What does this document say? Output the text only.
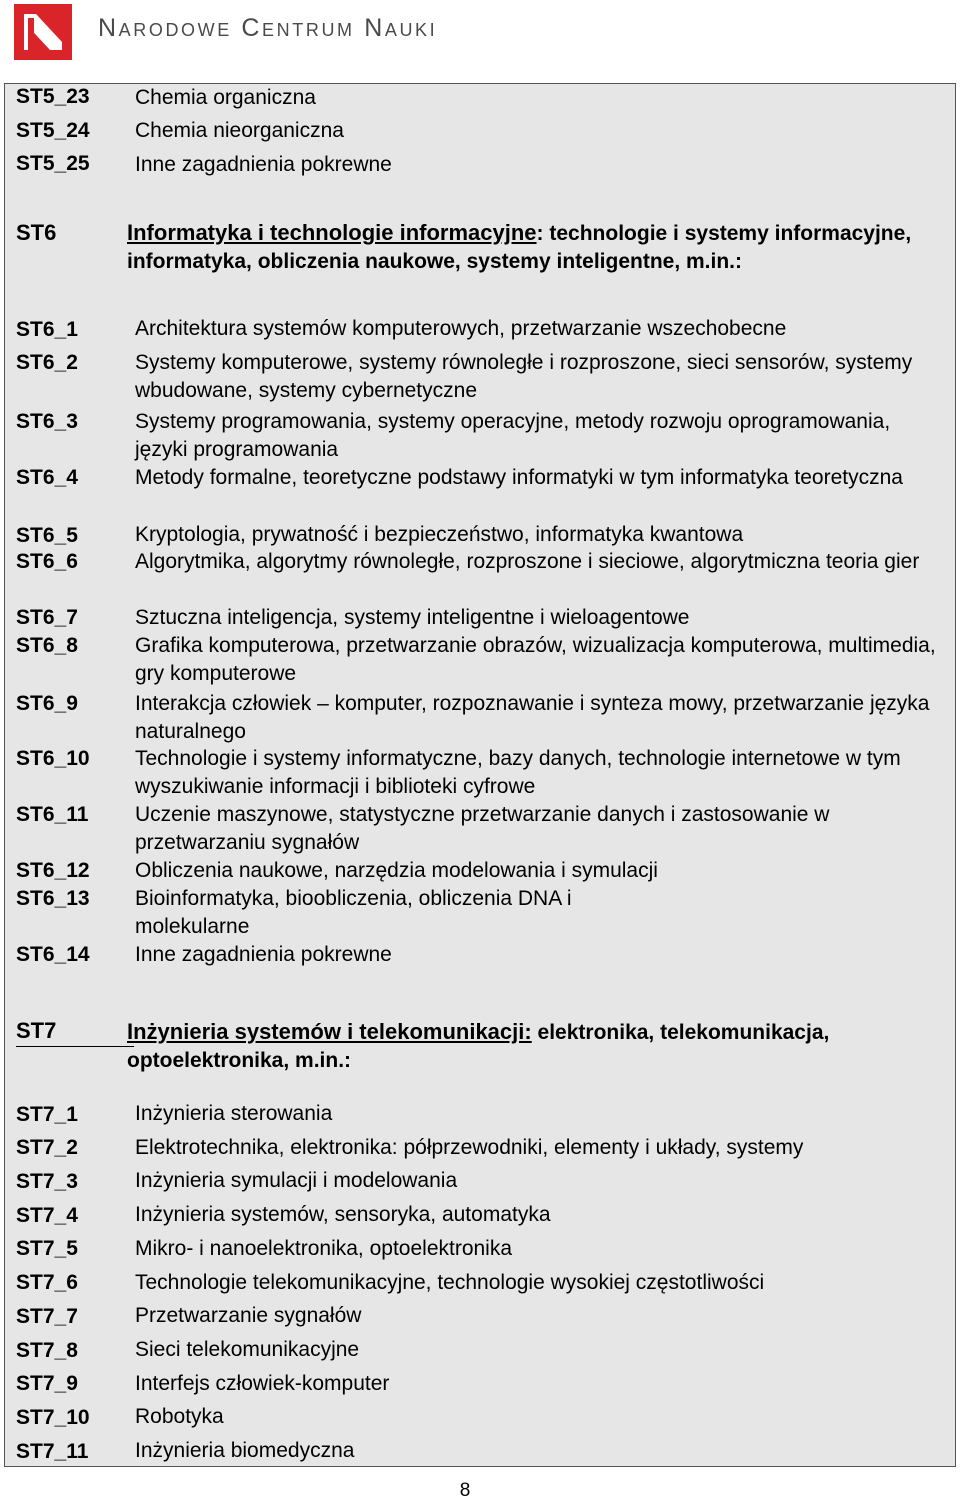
Narodowe Centrum Nauki
ST5_23 Chemia organiczna
ST5_24 Chemia nieorganiczna
ST5_25 Inne zagadnienia pokrewne
ST6	Informatyka i technologie informacyjne: technologie i systemy informacyjne, informatyka, obliczenia naukowe, systemy inteligentne, m.in.:
ST6_1	Architektura systemów komputerowych, przetwarzanie wszechobecne
ST6_2	Systemy komputerowe, systemy równoległe i rozproszone, sieci sensorów, systemy wbudowane, systemy cybernetyczne
ST6_3	Systemy programowania, systemy operacyjne, metody rozwoju oprogramowania, języki programowania
ST6_4	Metody formalne, teoretyczne podstawy informatyki w tym informatyka teoretyczna
ST6_5	Kryptologia, prywatność i bezpieczeństwo, informatyka kwantowa
ST6_6	Algorytmika, algorytmy równoległe, rozproszone i sieciowe, algorytmiczna teoria gier
ST6_7	Sztuczna inteligencja, systemy inteligentne i wieloagentowe
ST6_8	Grafika komputerowa, przetwarzanie obrazów, wizualizacja komputerowa, multimedia, gry komputerowe
ST6_9	Interakcja człowiek – komputer, rozpoznawanie i synteza mowy, przetwarzanie języka naturalnego
ST6_10 Technologie i systemy informatyczne, bazy danych, technologie internetowe w tym wyszukiwanie informacji i biblioteki cyfrowe
ST6_11 Uczenie maszynowe, statystyczne przetwarzanie danych i zastosowanie w przetwarzaniu sygnałów
ST6_12 Obliczenia naukowe, narzędzia modelowania i symulacji
ST6_13 Bioinformatyka, bioobliczenia, obliczenia DNA i molekularne
ST6_14 Inne zagadnienia pokrewne
ST7	Inżynieria systemów i telekomunikacji: elektronika, telekomunikacja, optoelektronika, m.in.:
ST7_1	Inżynieria sterowania
ST7_2	Elektrotechnika, elektronika: półprzewodniki, elementy i układy, systemy
ST7_3	Inżynieria symulacji i modelowania
ST7_4	Inżynieria systemów, sensoryka, automatyka
ST7_5	Mikro- i nanoelektronika, optoelektronika
ST7_6	Technologie telekomunikacyjne, technologie wysokiej częstotliwości
ST7_7	Przetwarzanie sygnałów
ST7_8	Sieci telekomunikacyjne
ST7_9	Interfejs człowiek-komputer
ST7_10 Robotyka
ST7_11 Inżynieria biomedyczna
8
